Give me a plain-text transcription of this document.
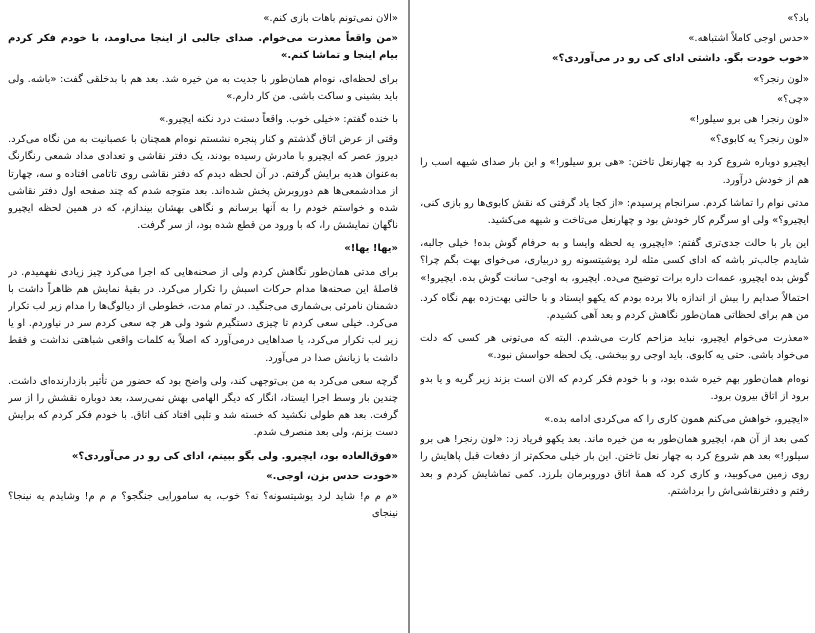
باد؟»

«حدس اوجی کاملاً اشتباهه.»

«خوب خودت بگو. داشتی ادای کی رو در می‌آوردی؟»

«لون رنجر؟»

«چی؟»

«لون رنجر! هی برو سیلور!»

«لون رنجر؟ یه کابوی؟»

ایچیرو دوباره شروع کرد به چهارنعل تاختن: «هی برو سیلور!» و این بار صدای شیهه اسب را هم از خودش درآورد.

مدتی نوام را تماشا کردم. سرانجام پرسیدم: «از کجا یاد گرفتی که نقش کابوی‌ها رو بازی کنی، ایچیرو؟» ولی او سرگرم کار خودش بود و چهارنعل می‌تاخت و شیهه می‌کشید.

این بار با حالت جدی‌تری گفتم: «ایچیرو، یه لحظه وایسا و به حرفام گوش بده! خیلی جالبه، شایدم جالب‌تر باشه که ادای کسی مثله لرد یوشیتسونه رو دربیاری، می‌خوای بهت بگم چرا؟ گوش بده ایچیرو، عمه‌ات داره برات توضیح می‌ده. ایچیرو، به اوجی- سانت گوش بده. ایچیرو!»

احتمالاً صدایم را بیش از اندازه بالا برده بودم که یکهو ایستاد و با حالتی بهت‌زده بهم نگاه کرد. من هم برای لحظاتی همان‌طور نگاهش کردم و بعد آهی کشیدم.

«معذرت می‌خوام ایچیرو، نباید مزاحم کارت می‌شدم. البته که می‌تونی هر کسی که دلت می‌خواد باشی. حتی یه کابوی. باید اوجی رو ببخشی. یک لحظه حواسش نبود.»

نوه‌ام همان‌طور بهم خیره شده بود، و با خودم فکر کردم که الان است بزند زیر گریه و یا بدو برود از اتاق بیرون برود.

«ایچیرو، خواهش می‌کنم همون کاری را که می‌کردی ادامه بده.»

کمی بعد از آن هم، ایچیرو همان‌طور به من خیره ماند. بعد یکهو فریاد زد: «لون رنجر! هی برو سیلور!» بعد هم شروع کرد به چهار نعل تاختن. این بار خیلی محکم‌تر از دفعات قبل پاهایش را روی زمین می‌کوبید، و کاری کرد که همهٔ اتاق دوروبرمان بلرزد. کمی تماشایش کردم و بعد رفتم و دفترنقاشی‌اش را برداشتم.

«الان نمی‌تونم باهات بازی کنم.»

«من واقعاً معذرت می‌خوام. صدای جالبی از اینجا می‌اومد، با خودم فکر کردم بیام اینجا و تماشا کنم.»

برای لحظه‌ای، نوه‌ام همان‌طور با جدیت به من خیره شد. بعد هم با بدخلقی گفت: «باشه. ولی باید بشینی و ساکت باشی. من کار دارم.»

با خنده گفتم: «خیلی خوب. واقعاً دستت درد نکنه ایچیرو.»

وقتی از عرض اتاق گذشتم و کنار پنجره نشستم نوه‌ام همچنان با عصبانیت به من نگاه می‌کرد. دیروز عصر که ایچیرو با مادرش رسیده بودند، یک دفتر نقاشی و تعدادی مداد شمعی رنگارنگ به‌عنوان هدیه برایش گرفتم. در آن لحظه دیدم که دفتر نقاشی روی تاتامی افتاده و سه، چهارتا از مدادشمعی‌ها هم دوروبرش پخش شده‌اند. بعد متوجه شدم که چند صفحه اول دفتر نقاشی شده و خواستم خودم را به آنها برسانم و نگاهی بهشان بیندازم، که در همین لحظه ایچیرو ناگهان نمایشش را، که با ورود من قطع شده بود، از سر گرفت.

«یها! یها!»

برای مدتی همان‌طور نگاهش کردم ولی از صحنه‌هایی که اجرا می‌کرد چیز زیادی نفهمیدم. در فاصلهٔ این صحنه‌ها مدام حرکات اسبش را تکرار می‌کرد. در بقیهٔ نمایش هم ظاهراً داشت با دشمنان نامرئی بی‌شماری می‌جنگید. در تمام مدت، خطوطی از دیالوگ‌ها را مدام زیر لب تکرار می‌کرد. خیلی سعی کردم تا چیزی دستگیرم شود ولی هر چه سعی کردم سر در نیاوردم. او یا زیر لب تکرار می‌کرد، یا صداهایی در‌می‌آورد که اصلاً به کلمات واقعی شباهتی نداشت و فقط داشت با زبانش صدا در می‌آورد.

گرچه سعی می‌کرد به من بی‌توجهی کند، ولی واضح بود که حضور من تأثیر بازدارنده‌ای داشت. چندین بار وسط اجرا ایستاد، انگار که دیگر الهامی بهش نمی‌رسد، بعد دوباره نقشش را از سر گرفت. بعد هم طولی نکشید که خسته شد و تلپی افتاد کف اتاق. با خودم فکر کردم که برایش دست بزنم، ولی بعد منصرف شدم.

«فوق‌العاده بود، ایچیرو. ولی بگو ببینم، ادای کی رو در می‌آوردی؟»

«خودت حدس بزن، اوجی.»

«م م م! شاید لرد یوشیتسونه؟ نه؟ خوب، یه سامورایی جنگجو؟ م م م! وشایدم یه نینجا؟ نینجای
